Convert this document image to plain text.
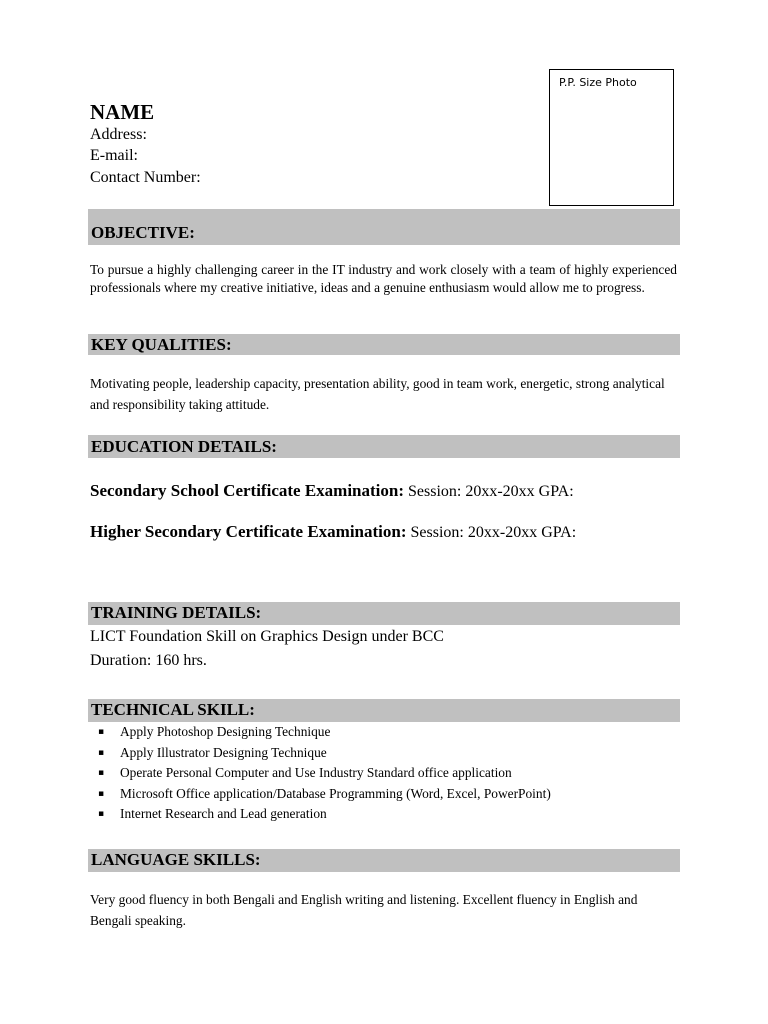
NAME
Address:
E-mail:
Contact Number:
P.P. Size Photo
OBJECTIVE:
To pursue a highly challenging career in the IT industry and work closely with a team of highly experienced professionals where my creative initiative, ideas and a genuine enthusiasm would allow me to progress.
KEY QUALITIES:
Motivating people, leadership capacity, presentation ability, good in team work, energetic, strong analytical and responsibility taking attitude.
EDUCATION DETAILS:
Secondary School Certificate Examination: Session: 20xx-20xx GPA:
Higher Secondary Certificate Examination: Session: 20xx-20xx GPA:
TRAINING DETAILS:
LICT Foundation Skill on Graphics Design under BCC
Duration: 160 hrs.
TECHNICAL SKILL:
▪ Apply Photoshop Designing Technique
▪ Apply Illustrator Designing Technique
▪ Operate Personal Computer and Use Industry Standard office application
▪ Microsoft Office application/Database Programming (Word, Excel, PowerPoint)
▪ Internet Research and Lead generation
LANGUAGE SKILLS:
Very good fluency in both Bengali and English writing and listening. Excellent fluency in English and Bengali speaking.
